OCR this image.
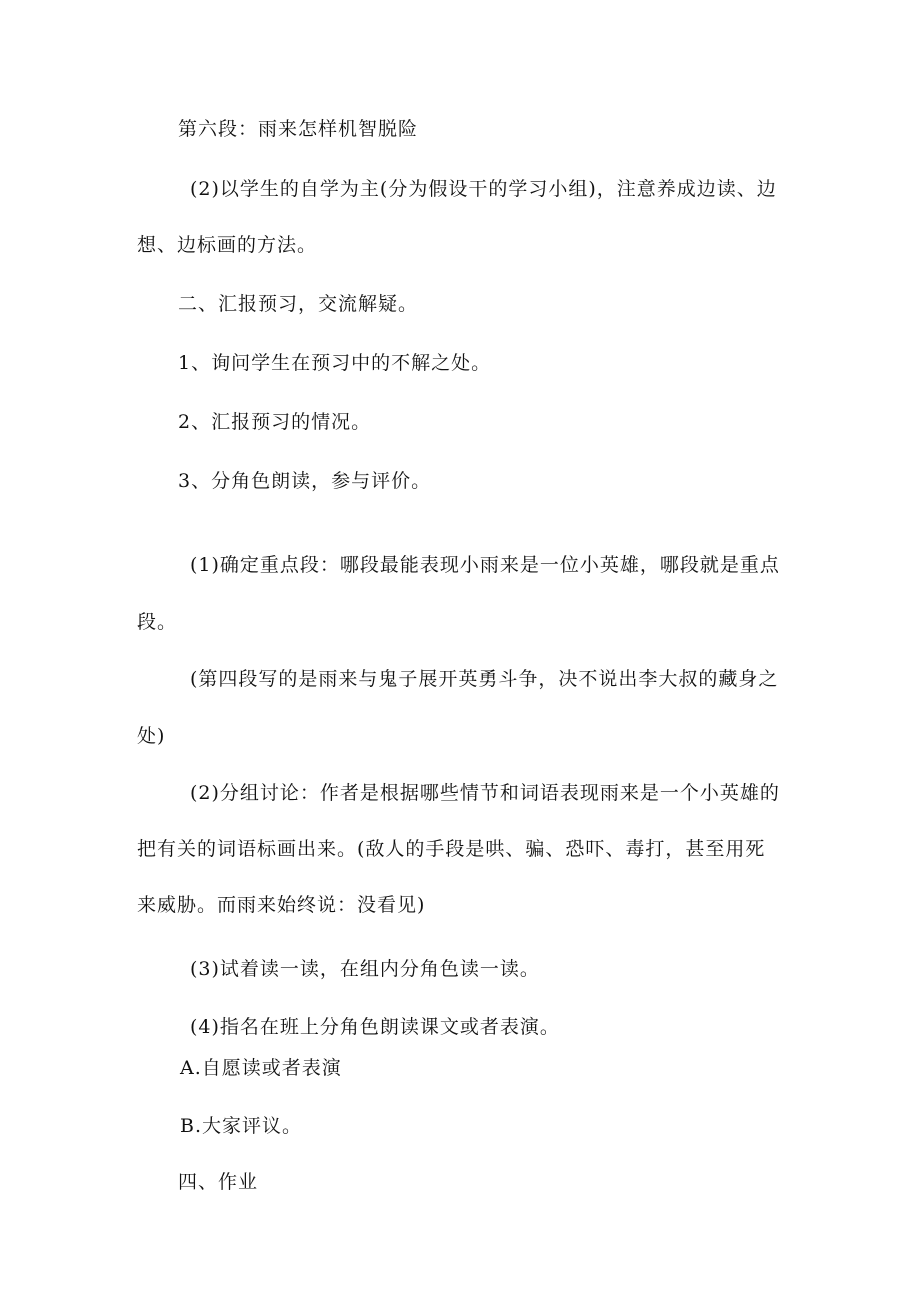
第六段：雨来怎样机智脱险
(2)以学生的自学为主(分为假设干的学习小组)，注意养成边读、边
想、边标画的方法。
二、汇报预习，交流解疑。
1、询问学生在预习中的不解之处。
2、汇报预习的情况。
3、分角色朗读，参与评价。
(1)确定重点段：哪段最能表现小雨来是一位小英雄，哪段就是重点
段。
(第四段写的是雨来与鬼子展开英勇斗争，决不说出李大叔的藏身之
处)
(2)分组讨论：作者是根据哪些情节和词语表现雨来是一个小英雄的
把有关的词语标画出来。(敌人的手段是哄、骗、恐吓、毒打，甚至用死
来威胁。而雨来始终说：没看见)
(3)试着读一读，在组内分角色读一读。
(4)指名在班上分角色朗读课文或者表演。
A.自愿读或者表演
B.大家评议。
四、作业
